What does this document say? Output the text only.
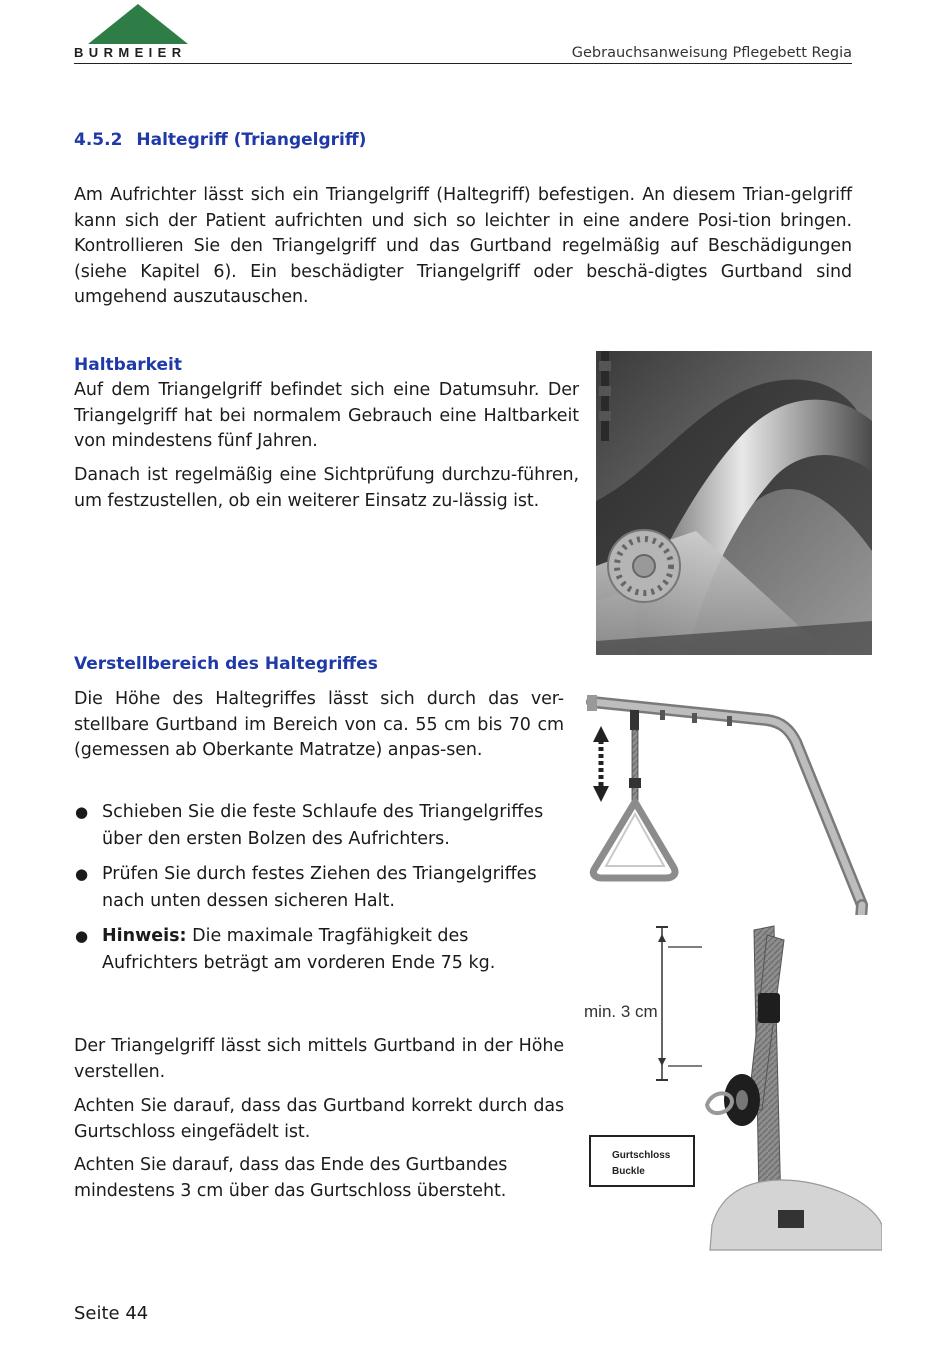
BURMEIER	Gebrauchsanweisung Pflegebett Regia
4.5.2 Haltegriff (Triangelgriff)
Am Aufrichter lässt sich ein Triangelgriff (Haltegriff) befestigen. An diesem Trian-gelgriff kann sich der Patient aufrichten und sich so leichter in eine andere Posi-tion bringen. Kontrollieren Sie den Triangelgriff und das Gurtband regelmäßig auf Beschädigungen (siehe Kapitel 6). Ein beschädigter Triangelgriff oder beschä-digtes Gurtband sind umgehend auszutauschen.
Haltbarkeit
Auf dem Triangelgriff befindet sich eine Datumsuhr. Der Triangelgriff hat bei normalem Gebrauch eine Haltbarkeit von mindestens fünf Jahren.
Danach ist regelmäßig eine Sichtprüfung durchzu-führen, um festzustellen, ob ein weiterer Einsatz zu-lässig ist.
Verstellbereich des Haltegriffes
Die Höhe des Haltegriffes lässt sich durch das ver-stellbare Gurtband im Bereich von ca. 55 cm bis 70 cm (gemessen ab Oberkante Matratze) anpas-sen.
● Schieben Sie die feste Schlaufe des Triangelgriffes über den ersten Bolzen des Aufrichters.
● Prüfen Sie durch festes Ziehen des Triangelgriffes nach unten dessen sicheren Halt.
● Hinweis: Die maximale Tragfähigkeit des Aufrichters beträgt am vorderen Ende 75 kg.
Der Triangelgriff lässt sich mittels Gurtband in der Höhe verstellen.
Achten Sie darauf, dass das Gurtband korrekt durch das Gurtschloss eingefädelt ist.
Achten Sie darauf, dass das Ende des Gurtbandes mindestens 3 cm über das Gurtschloss übersteht.
min. 3 cm
Gurtschloss
Buckle
Seite 44
